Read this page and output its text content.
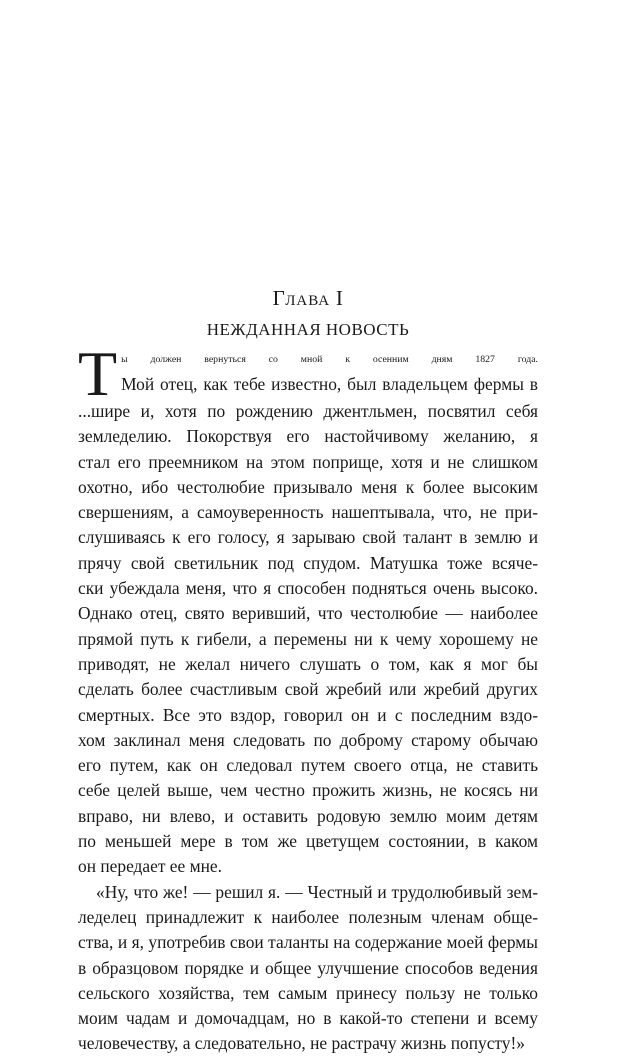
ГЛАВА I
НЕЖДАННАЯ НОВОСТЬ
Т ы должен вернуться со мной к осенним дням 1827 года.
Мой отец, как тебе известно, был владельцем фермы в
...шире и, хотя по рождению джентльмен, посвятил себя
земледелию. Покорствуя его настойчивому желанию, я
стал его преемником на этом поприще, хотя и не слишком
охотно, ибо честолюбие призывало меня к более высоким
свершениям, а самоуверенность нашептывала, что, не при-
слушиваясь к его голосу, я зарываю свой талант в землю и
прячу свой светильник под спудом. Матушка тоже всяче-
ски убеждала меня, что я способен подняться очень высоко.
Однако отец, свято веривший, что честолюбие — наиболее
прямой путь к гибели, а перемены ни к чему хорошему не
приводят, не желал ничего слушать о том, как я мог бы
сделать более счастливым свой жребий или жребий других
смертных. Все это вздор, говорил он и с последним вздо-
хом заклинал меня следовать по доброму старому обычаю
его путем, как он следовал путем своего отца, не ставить
себе целей выше, чем честно прожить жизнь, не косясь ни
вправо, ни влево, и оставить родовую землю моим детям
по меньшей мере в том же цветущем состоянии, в каком
он передает ее мне.
«Ну, что же! — решил я. — Честный и трудолюбивый зем-
леделец принадлежит к наиболее полезным членам обще-
ства, и я, употребив свои таланты на содержание моей фермы
в образцовом порядке и общее улучшение способов ведения
сельского хозяйства, тем самым принесу пользу не только
моим чадам и домочадцам, но в какой-то степени и всему
человечеству, а следовательно, не растрачу жизнь попусту!»
